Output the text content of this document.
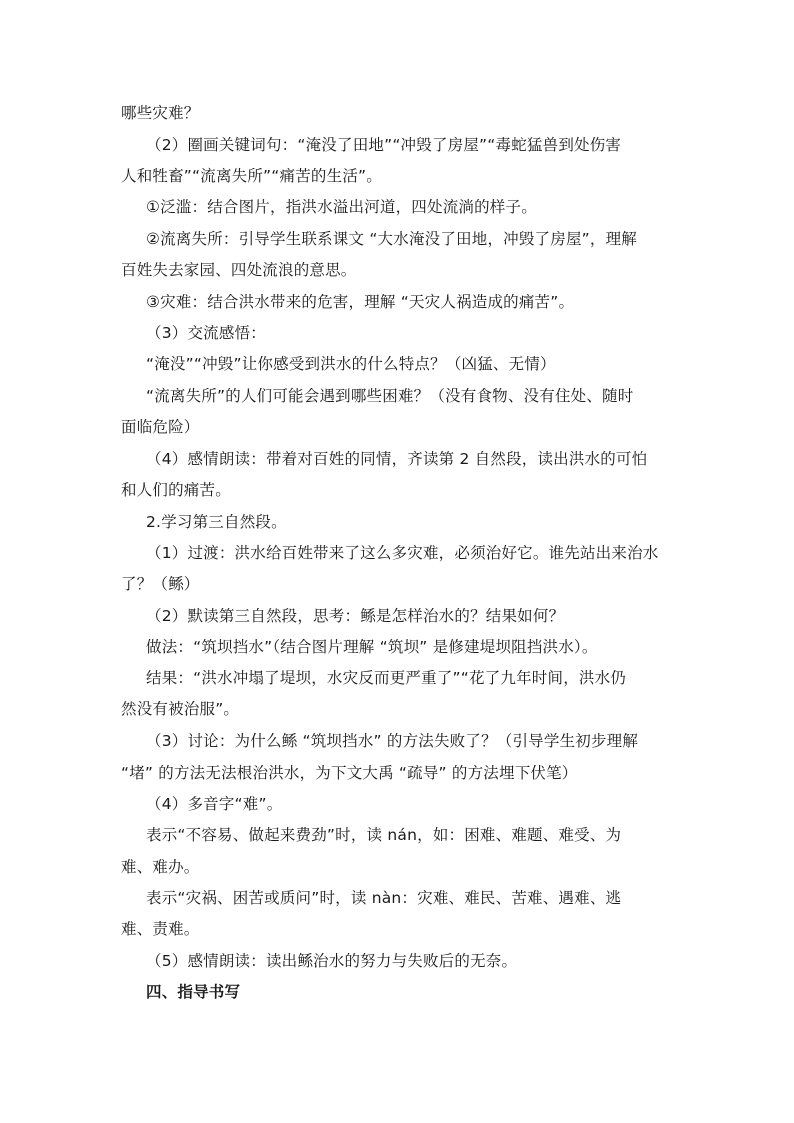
哪些灾难？
（2）圈画关键词句：“淹没了田地”“冲毁了房屋”“毒蛇猛兽到处伤害
人和牲畜”“流离失所”“痛苦的生活”。
①泛滥：结合图片，指洪水溢出河道，四处流淌的样子。
②流离失所：引导学生联系课文 “大水淹没了田地，冲毁了房屋”，理解
百姓失去家园、四处流浪的意思。
③灾难：结合洪水带来的危害，理解 “天灾人祸造成的痛苦”。
（3）交流感悟：
“淹没”“冲毁”让你感受到洪水的什么特点？（凶猛、无情）
“流离失所”的人们可能会遇到哪些困难？（没有食物、没有住处、随时
面临危险）
（4）感情朗读：带着对百姓的同情，齐读第 2 自然段，读出洪水的可怕
和人们的痛苦。
2.学习第三自然段。
（1）过渡：洪水给百姓带来了这么多灾难，必须治好它。谁先站出来治水
了？（鲧）
（2）默读第三自然段，思考：鲧是怎样治水的？结果如何？
做法：“筑坝挡水”（结合图片理解 “筑坝” 是修建堤坝阻挡洪水）。
结果：“洪水冲塌了堤坝，水灾反而更严重了”“花了九年时间，洪水仍
然没有被治服”。
（3）讨论：为什么鲧 “筑坝挡水” 的方法失败了？（引导学生初步理解
“堵” 的方法无法根治洪水，为下文大禹 “疏导” 的方法埋下伏笔）
（4）多音字“难”。
表示“不容易、做起来费劲”时，读 nán，如：困难、难题、难受、为
难、难办。
表示“灾祸、困苦或质问”时，读 nàn：灾难、难民、苦难、遇难、逃
难、责难。
（5）感情朗读：读出鲧治水的努力与失败后的无奈。
四、指导书写
